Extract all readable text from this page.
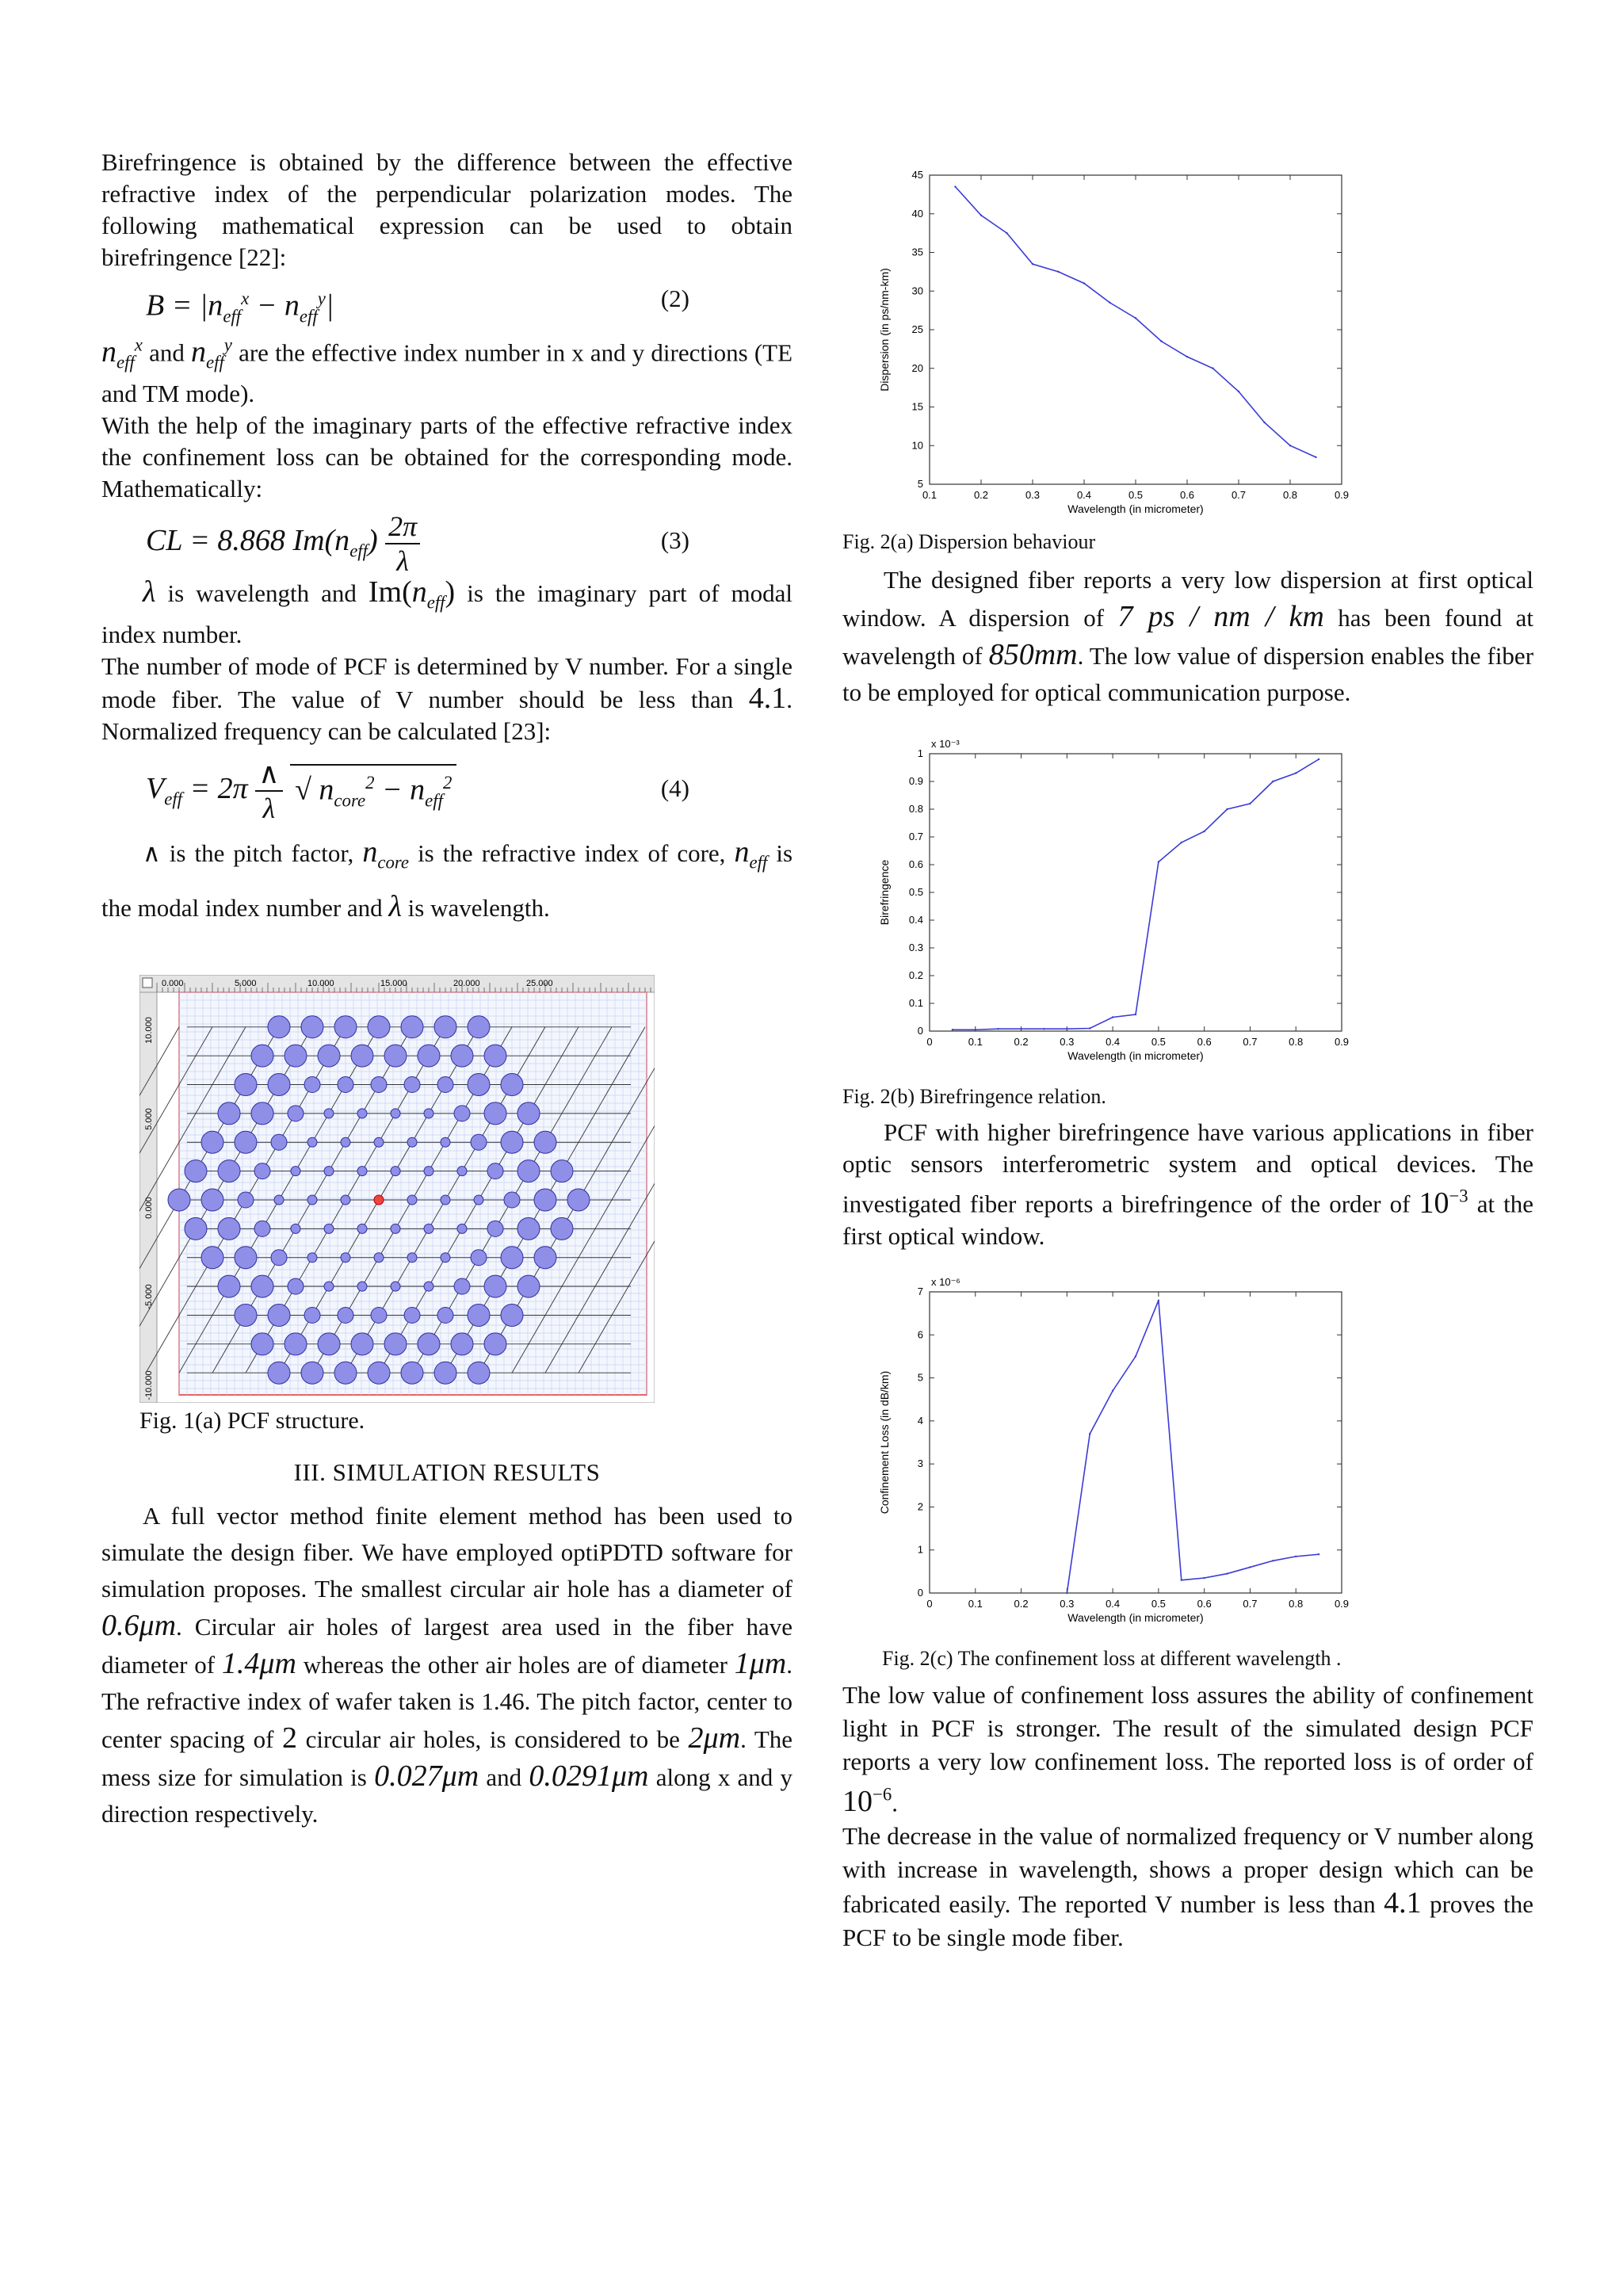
Birefringence is obtained by the difference between the effective refractive index of the perpendicular polarization modes. The following mathematical expression can be used to obtain birefringence [22]:

$B = |n_{eff}^x - n_{eff}^y|$	(2)

$n_{eff}^x$ and $n_{eff}^y$ are the effective index number in x and y directions (TE and TM mode).

With the help of the imaginary parts of the effective refractive index the confinement loss can be obtained for the corresponding mode. Mathematically:

CL = 8.868 $Im(n_{eff}) \frac{2\pi}{\lambda}$	(3)

λ is wavelength and $Im(n_{eff})$ is the imaginary part of modal index number.

The number of mode of PCF is determined by V number. For a single mode fiber. The value of V number should be less than 4.1. Normalized frequency can be calculated [23]:

$V_{eff} = 2\pi \frac{\wedge}{\lambda}$ √ $n_{core}^2 - n_{eff}^2$	(4)

∧ is the pitch factor, $n_{core}$ is the refractive index of core, $n_{eff}$ is the modal index number and λ is wavelength.

0.000	5.000	10.000	15.000	20.000	25.000
10.000
5.000
0.000
-5.000
-10.000

Fig. 1(a) PCF structure.

III. SIMULATION RESULTS

A full vector method finite element method has been used to simulate the design fiber. We have employed optiPDTD software for simulation proposes. The smallest circular air hole has a diameter of 0.6μm. Circular air holes of largest area used in the fiber have diameter of 1.4μm whereas the other air holes are of diameter 1μm. The refractive index of wafer taken is 1.46. The pitch factor, center to center spacing of 2 circular air holes, is considered to be 2μm. The mess size for simulation is 0.027μm and 0.0291μm along x and y direction respectively.

0.1	0.2	0.3	0.4	0.5	0.6	0.7	0.8	0.9
5
10
15
20
25
30
35
40
45
Wavelength (in micrometer)
Dispersion (in ps/nm-km)

Fig. 2(a) Dispersion behaviour

The designed fiber reports a very low dispersion at first optical window. A dispersion of 7 ps / nm / km has been found at wavelength of 850mm. The low value of dispersion enables the fiber to be employed for optical communication purpose.

0	0.1	0.2	0.3	0.4	0.5	0.6	0.7	0.8	0.9
0
0.1
0.2
0.3
0.4
0.5
0.6
0.7
0.8
0.9
1
Wavelength (in micrometer)
Birefringence
x 10⁻³

Fig. 2(b) Birefringence relation.

PCF with higher birefringence have various applications in fiber optic sensors interferometric system and optical devices. The investigated fiber reports a birefringence of the order of $10^{-3}$ at the first optical window.

0	0.1	0.2	0.3	0.4	0.5	0.6	0.7	0.8	0.9
0
1
2
3
4
5
6
7
Wavelength (in micrometer)
Confinement Loss (in dB/km)
x 10⁻⁶

Fig. 2(c) The confinement loss at different wavelength .

The low value of confinement loss assures the ability of confinement light in PCF is stronger. The result of the simulated design PCF reports a very low confinement loss. The reported loss is of order of $10^{-6}$.

The decrease in the value of normalized frequency or V number along with increase in wavelength, shows a proper design which can be fabricated easily. The reported V number is less than 4.1 proves the PCF to be single mode fiber.
